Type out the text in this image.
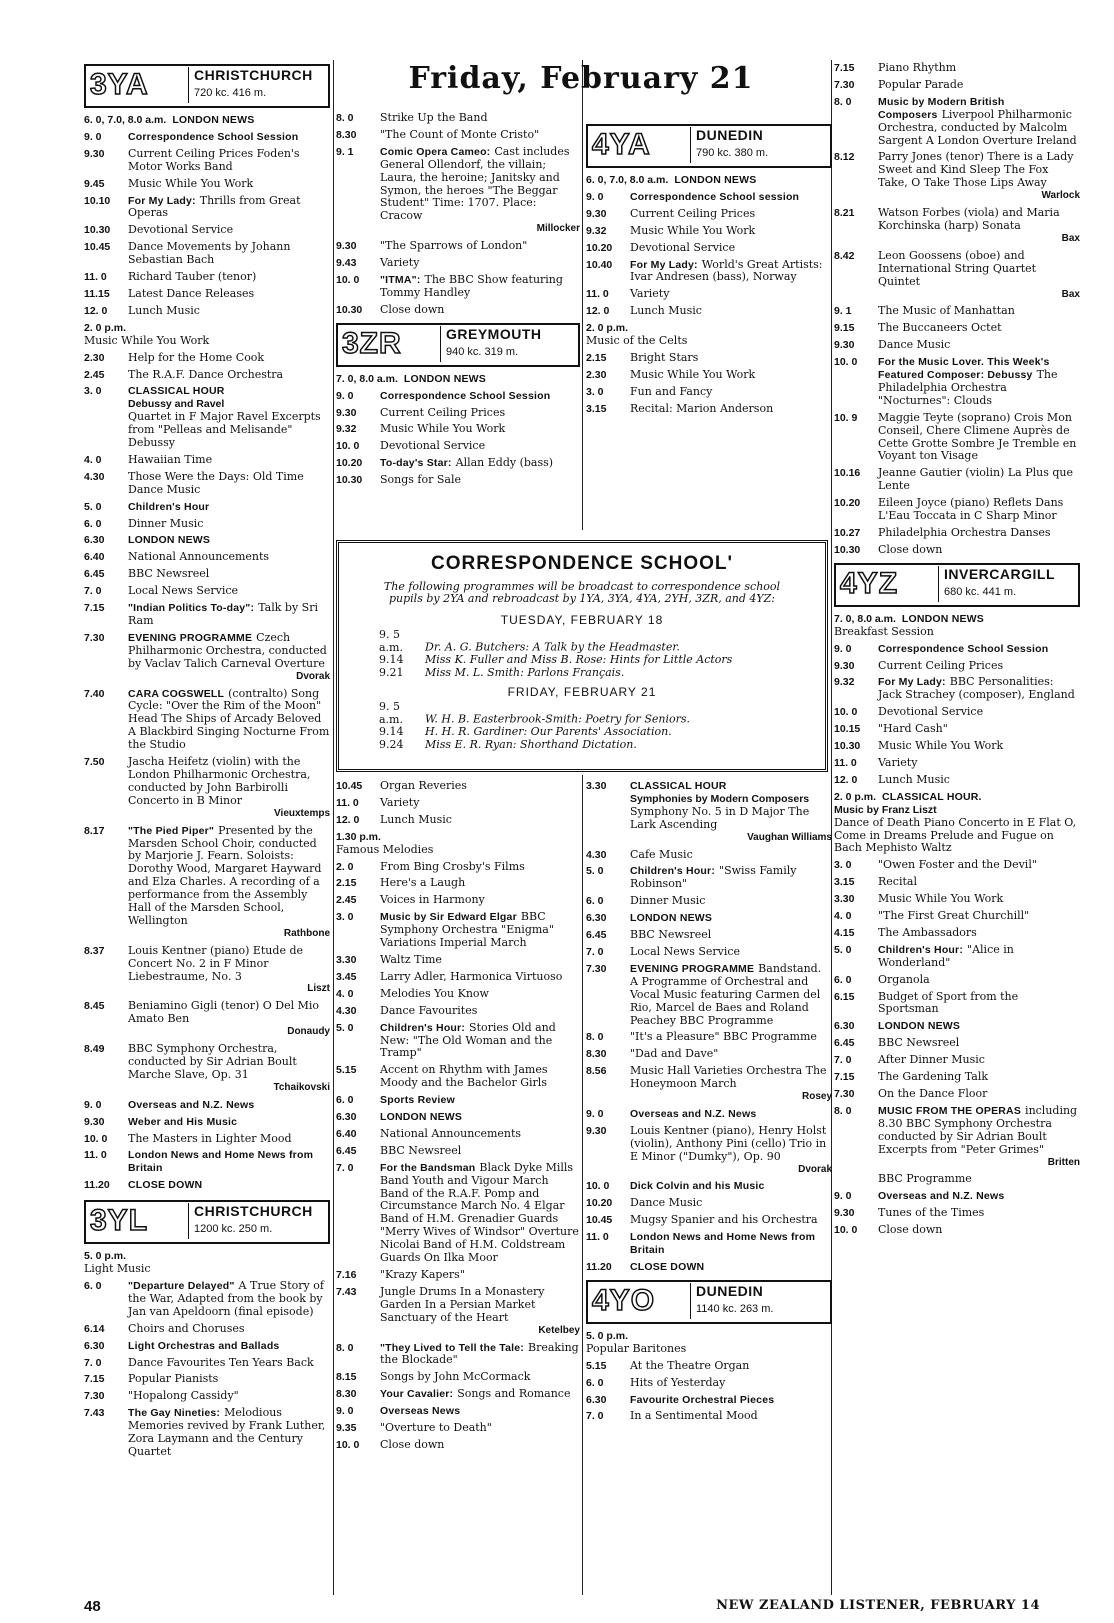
3YA	CHRISTCHURCH
720 kc. 416 m.
6. 0, 7.0, 8.0 a.m. LONDON NEWS
9. 0	Correspondence School Session
9.30 Current Ceiling Prices Foden's Motor Works Band
9.45 Music While You Work
10.10 For My Lady: Thrills from Great Operas
10.30 Devotional Service
10.45 Dance Movements by Johann Sebastian Bach
11. 0 Richard Tauber (tenor)
11.15 Latest Dance Releases
12. 0 Lunch Music
2. 0 p.m.
Music While You Work
2.30 Help for the Home Cook
2.45 The R.A.F. Dance Orchestra
3. 0	CLASSICAL HOUR
Debussy and Ravel
Quartet in F Major Ravel Excerpts from "Pelleas and Melisande" Debussy
4. 0 Hawaiian Time
4.30 Those Were the Days: Old Time Dance Music
5. 0	Children's Hour
6. 0 Dinner Music
6.30 LONDON NEWS
6.40 National Announcements
6.45 BBC Newsreel
7. 0 Local News Service
7.15 "Indian Politics To-day": Talk by Sri Ram
7.30 EVENING PROGRAMME Czech Philharmonic Orchestra, conducted by Vaclav Talich Carneval Overture
Dvorak
7.40 CARA COGSWELL (contralto) Song Cycle: "Over the Rim of the Moon" Head The Ships of Arcady Beloved A Blackbird Singing Nocturne From the Studio
7.50 Jascha Heifetz (violin) with the London Philharmonic Orchestra, conducted by John Barbirolli Concerto in B Minor
Vieuxtemps
8.17 "The Pied Piper" Presented by the Marsden School Choir, conducted by Marjorie J. Fearn. Soloists: Dorothy Wood, Margaret Hayward and Elza Charles. A recording of a performance from the Assembly Hall of the Marsden School, Wellington
Rathbone
8.37 Louis Kentner (piano) Etude de Concert No. 2 in F Minor Liebestraume, No. 3
Liszt
8.45 Beniamino Gigli (tenor) O Del Mio Amato Ben
Donaudy
8.49 BBC Symphony Orchestra, conducted by Sir Adrian Boult Marche Slave, Op. 31
Tchaikovski
9. 0	Overseas and N.Z. News
9.30 Weber and His Music
10. 0 The Masters in Lighter Mood
11. 0 London News and Home News from Britain
11.20 CLOSE DOWN
3YL	CHRISTCHURCH
1200 kc. 250 m.
5. 0 p.m.
Light Music
6. 0	"Departure Delayed" A True Story of the War, Adapted from the book by Jan van Apeldoorn (final episode)
6.14 Choirs and Choruses
6.30 Light Orchestras and Ballads
7. 0 Dance Favourites Ten Years Back
7.15 Popular Pianists
7.30 "Hopalong Cassidy"
7.43 The Gay Nineties: Melodious Memories revived by Frank Luther, Zora Laymann and the Century Quartet
Friday, February 21
8. 0 Strike Up the Band
8.30 "The Count of Monte Cristo"
9. 1	Comic Opera Cameo: Cast includes General Ollendorf, the villain; Laura, the heroine; Janitsky and Symon, the heroes "The Beggar Student" Time: 1707. Place: Cracow
Millocker
9.30 "The Sparrows of London"
9.43 Variety
10. 0 "ITMA": The BBC Show featuring Tommy Handley
10.30 Close down
3ZR	GREYMOUTH
940 kc. 319 m.
7. 0, 8.0 a.m. LONDON NEWS
9. 0	Correspondence School Session
9.30 Current Ceiling Prices
9.32 Music While You Work
10. 0 Devotional Service
10.20 To-day's Star: Allan Eddy (bass)
10.30 Songs for Sale
10.45 Organ Reveries
11. 0 Variety
12. 0 Lunch Music
1.30 p.m.
Famous Melodies
2. 0 From Bing Crosby's Films
2.15 Here's a Laugh
2.45 Voices in Harmony
3. 0	Music by Sir Edward Elgar BBC Symphony Orchestra "Enigma" Variations Imperial March
3.30 Waltz Time
3.45 Larry Adler, Harmonica Virtuoso
4. 0 Melodies You Know
4.30 Dance Favourites
5. 0	Children's Hour: Stories Old and New: "The Old Woman and the Tramp"
5.15 Accent on Rhythm with James Moody and the Bachelor Girls
6. 0	Sports Review
6.30 LONDON NEWS
6.40 National Announcements
6.45 BBC Newsreel
7. 0	For the Bandsman Black Dyke Mills Band Youth and Vigour March Band of the R.A.F. Pomp and Circumstance March No. 4 Elgar Band of H.M. Grenadier Guards "Merry Wives of Windsor" Overture Nicolai Band of H.M. Coldstream Guards On Ilka Moor
7.16 "Krazy Kapers"
7.43 Jungle Drums In a Monastery Garden In a Persian Market Sanctuary of the Heart
Ketelbey
8. 0	"They Lived to Tell the Tale: Breaking the Blockade"
8.15 Songs by John McCormack
8.30 Your Cavalier: Songs and Romance
9. 0	Overseas News
9.35 "Overture to Death"
10. 0 Close down
4YA	DUNEDIN
790 kc. 380 m.
6. 0, 7.0, 8.0 a.m. LONDON NEWS
9. 0	Correspondence School session
9.30 Current Ceiling Prices
9.32 Music While You Work
10.20 Devotional Service
10.40 For My Lady: World's Great Artists: Ivar Andresen (bass), Norway
11. 0 Variety
12. 0 Lunch Music
2. 0 p.m.
Music of the Celts
2.15 Bright Stars
2.30 Music While You Work
3. 0 Fun and Fancy
3.15 Recital: Marion Anderson
3.30 CLASSICAL HOUR
Symphonies by Modern Composers
Symphony No. 5 in D Major The Lark Ascending
Vaughan Williams
4.30 Cafe Music
5. 0	Children's Hour: "Swiss Family Robinson"
6. 0 Dinner Music
6.30 LONDON NEWS
6.45 BBC Newsreel
7. 0 Local News Service
7.30 EVENING PROGRAMME Bandstand. A Programme of Orchestral and Vocal Music featuring Carmen del Rio, Marcel de Baes and Roland Peachey BBC Programme
8. 0 "It's a Pleasure" BBC Programme
8.30 "Dad and Dave"
8.56 Music Hall Varieties Orchestra The Honeymoon March
Rosey
9. 0	Overseas and N.Z. News
9.30 Louis Kentner (piano), Henry Holst (violin), Anthony Pini (cello) Trio in E Minor ("Dumky"), Op. 90
Dvorak
10. 0 Dick Colvin and his Music
10.20 Dance Music
10.45 Mugsy Spanier and his Orchestra
11. 0 London News and Home News from Britain
11.20 CLOSE DOWN
4YO	DUNEDIN
1140 kc. 263 m.
5. 0 p.m.
Popular Baritones
5.15 At the Theatre Organ
6. 0 Hits of Yesterday
6.30 Favourite Orchestral Pieces
7. 0 In a Sentimental Mood
7.15 Piano Rhythm
7.30 Popular Parade
8. 0	Music by Modern British Composers Liverpool Philharmonic Orchestra, conducted by Malcolm Sargent A London Overture Ireland
8.12 Parry Jones (tenor) There is a Lady Sweet and Kind Sleep The Fox Take, O Take Those Lips Away
Warlock
8.21 Watson Forbes (viola) and Maria Korchinska (harp) Sonata
Bax
8.42 Leon Goossens (oboe) and International String Quartet Quintet
Bax
9. 1 The Music of Manhattan
9.15 The Buccaneers Octet
9.30 Dance Music
10. 0 For the Music Lover. This Week's Featured Composer: Debussy The Philadelphia Orchestra "Nocturnes": Clouds
10. 9 Maggie Teyte (soprano) Crois Mon Conseil, Chere Climene Auprès de Cette Grotte Sombre Je Tremble en Voyant ton Visage
10.16 Jeanne Gautier (violin) La Plus que Lente
10.20 Eileen Joyce (piano) Reflets Dans L'Eau Toccata in C Sharp Minor
10.27 Philadelphia Orchestra Danses
10.30 Close down
4YZ	INVERCARGILL
680 kc. 441 m.
7. 0, 8.0 a.m. LONDON NEWS
Breakfast Session
9. 0	Correspondence School Session
9.30 Current Ceiling Prices
9.32 For My Lady: BBC Personalities: Jack Strachey (composer), England
10. 0 Devotional Service
10.15 "Hard Cash"
10.30 Music While You Work
11. 0 Variety
12. 0 Lunch Music
2. 0 p.m. CLASSICAL HOUR.
Music by Franz Liszt
Dance of Death Piano Concerto in E Flat O, Come in Dreams Prelude and Fugue on Bach Mephisto Waltz
3. 0 "Owen Foster and the Devil"
3.15 Recital
3.30 Music While You Work
4. 0 "The First Great Churchill"
4.15 The Ambassadors
5. 0	Children's Hour: "Alice in Wonderland"
6. 0 Organola
6.15 Budget of Sport from the Sportsman
6.30 LONDON NEWS
6.45 BBC Newsreel
7. 0 After Dinner Music
7.15 The Gardening Talk
7.30 On the Dance Floor
8. 0	MUSIC FROM THE OPERAS including 8.30 BBC Symphony Orchestra conducted by Sir Adrian Boult Excerpts from "Peter Grimes"
Britten
BBC Programme
9. 0	Overseas and N.Z. News
9.30 Tunes of the Times
10. 0 Close down
CORRESPONDENCE SCHOOL'
The following programmes will be broadcast to correspondence school pupils by 2YA and rebroadcast by 1YA, 3YA, 4YA, 2YH, 3ZR, and 4YZ:
TUESDAY, FEBRUARY 18
9. 5 a.m. Dr. A. G. Butchers: A Talk by the Headmaster.
9.14 Miss K. Fuller and Miss B. Rose: Hints for Little Actors
9.21 Miss M. L. Smith: Parlons Français.
FRIDAY, FEBRUARY 21
9. 5 a.m. W. H. B. Easterbrook-Smith: Poetry for Seniors.
9.14 H. H. R. Gardiner: Our Parents' Association.
9.24 Miss E. R. Ryan: Shorthand Dictation.
48	NEW ZEALAND LISTENER, FEBRUARY 14
